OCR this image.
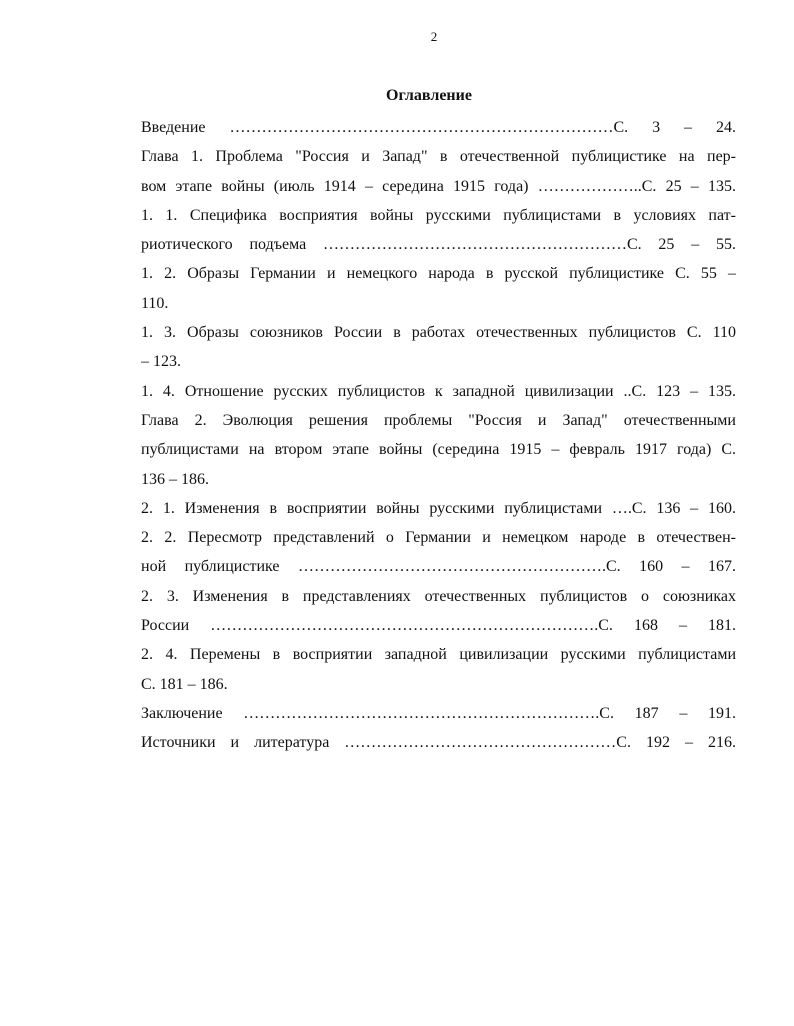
2
Оглавление
Введение ………………………………………………………………С. 3 – 24.
Глава 1. Проблема "Россия и Запад" в отечественной публицистике на пер-
вом этапе войны (июль 1914 – середина 1915 года) ………………..С. 25 – 135.
1. 1. Специфика восприятия войны русскими публицистами в условиях пат-
риотического подъема …………………………………………………С. 25 – 55.
1. 2. Образы Германии и немецкого народа в русской публицистике С. 55 –
110.
1. 3. Образы союзников России в работах отечественных публицистов С. 110
– 123.
1. 4. Отношение русских публицистов к западной цивилизации ..С. 123 – 135.
Глава 2. Эволюция решения проблемы "Россия и Запад" отечественными
публицистами на втором этапе войны (середина 1915 – февраль 1917 года) С.
136 – 186.
2. 1. Изменения в восприятии войны русскими публицистами ….С. 136 – 160.
2. 2. Пересмотр представлений о Германии и немецком народе в отечествен-
ной публицистике ………………………………………………….С. 160 – 167.
2. 3. Изменения в представлениях отечественных публицистов о союзниках
России ……………………………………………………………….С. 168 – 181.
2. 4. Перемены в восприятии западной цивилизации русскими публицистами
С. 181 – 186.
Заключение ………………………………………………………….С. 187 – 191.
Источники и литература ……………………………………………С. 192 – 216.
